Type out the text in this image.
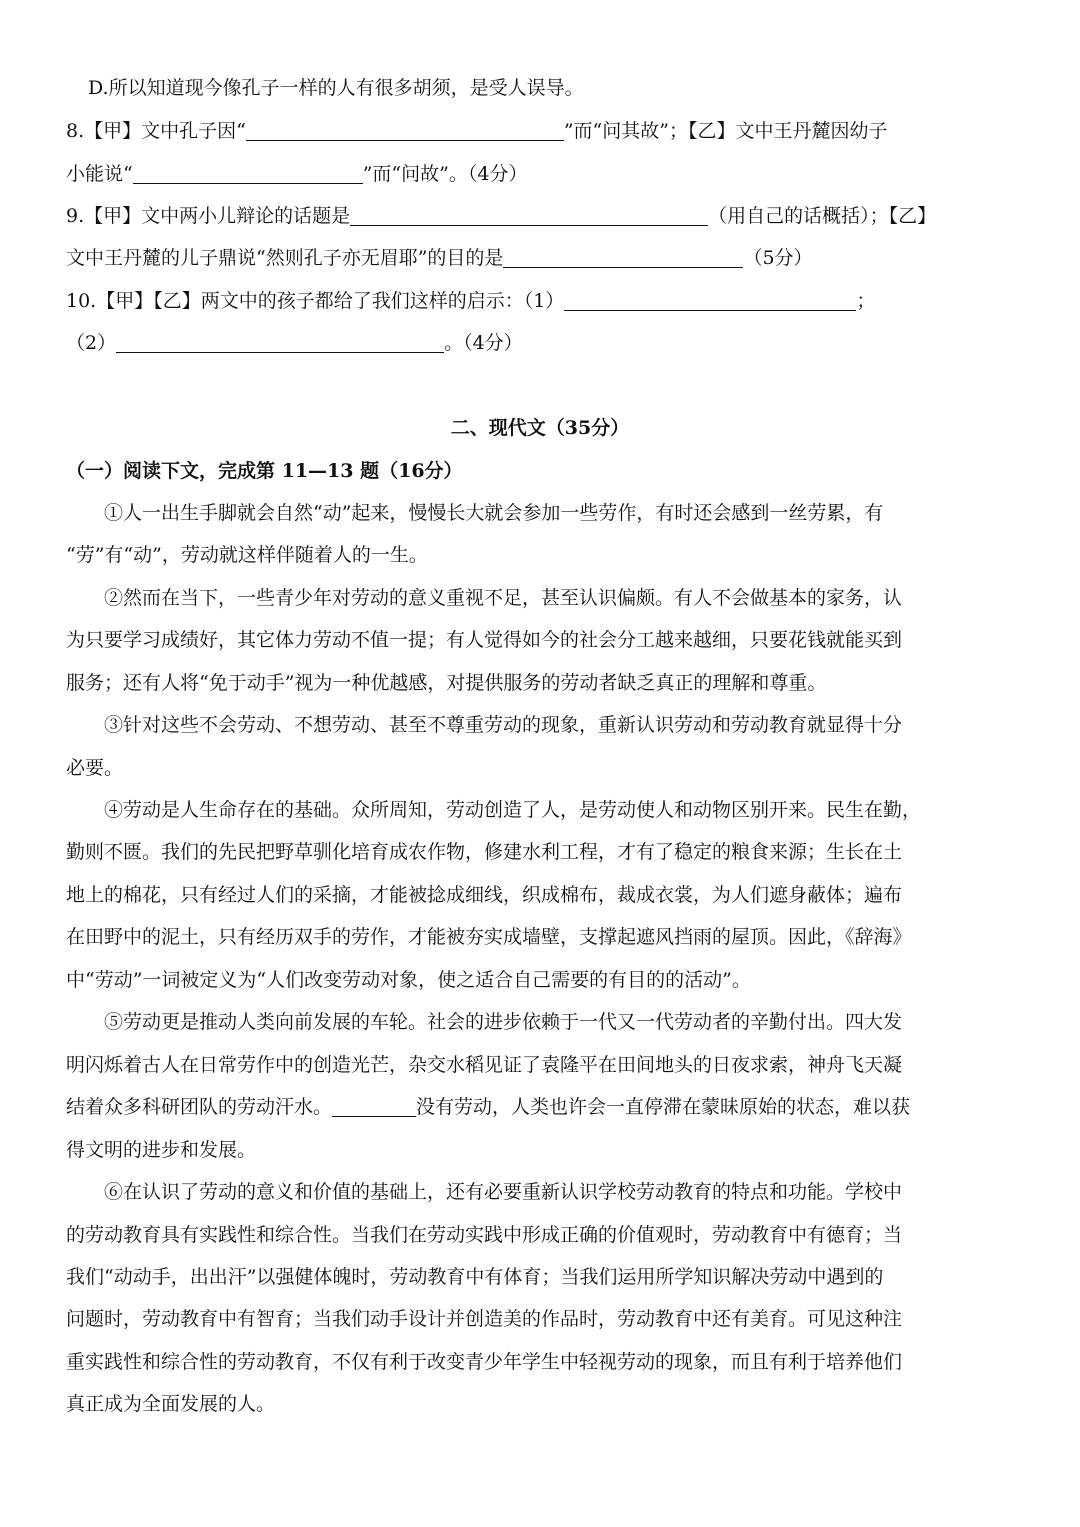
D.所以知道现今像孔子一样的人有很多胡须，是受人误导。
8.【甲】文中孔子因“	”而“问其故”；【乙】文中王丹麓因幼子
小能说“	”而“问故”。（4分）
9.【甲】文中两小儿辩论的话题是	（用自己的话概括）；【乙】
文中王丹麓的儿子鼎说“然则孔子亦无眉耶”的目的是	（5分）
10.【甲】【乙】两文中的孩子都给了我们这样的启示：（1）	；
（2）	。（4分）
二、现代文（35分）
（一）阅读下文，完成第 11—13 题（16分）
①人一出生手脚就会自然“动”起来，慢慢长大就会参加一些劳作，有时还会感到一丝劳累，有
“劳”有“动”，劳动就这样伴随着人的一生。
②然而在当下，一些青少年对劳动的意义重视不足，甚至认识偏颇。有人不会做基本的家务，认
为只要学习成绩好，其它体力劳动不值一提；有人觉得如今的社会分工越来越细，只要花钱就能买到
服务；还有人将“免于动手”视为一种优越感，对提供服务的劳动者缺乏真正的理解和尊重。
③针对这些不会劳动、不想劳动、甚至不尊重劳动的现象，重新认识劳动和劳动教育就显得十分
必要。
④劳动是人生命存在的基础。众所周知，劳动创造了人，是劳动使人和动物区别开来。民生在勤，
勤则不匮。我们的先民把野草驯化培育成农作物，修建水利工程，才有了稳定的粮食来源；生长在土
地上的棉花，只有经过人们的采摘，才能被捻成细线，织成棉布，裁成衣裳，为人们遮身蔽体；遍布
在田野中的泥土，只有经历双手的劳作，才能被夯实成墙壁，支撑起遮风挡雨的屋顶。因此，《辞海》
中“劳动”一词被定义为“人们改变劳动对象，使之适合自己需要的有目的的活动”。
⑤劳动更是推动人类向前发展的车轮。社会的进步依赖于一代又一代劳动者的辛勤付出。四大发
明闪烁着古人在日常劳作中的创造光芒，杂交水稻见证了袁隆平在田间地头的日夜求索，神舟飞天凝
结着众多科研团队的劳动汗水。	没有劳动，人类也许会一直停滞在蒙昧原始的状态，难以获
得文明的进步和发展。
⑥在认识了劳动的意义和价值的基础上，还有必要重新认识学校劳动教育的特点和功能。学校中
的劳动教育具有实践性和综合性。当我们在劳动实践中形成正确的价值观时，劳动教育中有德育；当
我们“动动手，出出汗”以强健体魄时，劳动教育中有体育；当我们运用所学知识解决劳动中遇到的
问题时，劳动教育中有智育；当我们动手设计并创造美的作品时，劳动教育中还有美育。可见这种注
重实践性和综合性的劳动教育，不仅有利于改变青少年学生中轻视劳动的现象，而且有利于培养他们
真正成为全面发展的人。
